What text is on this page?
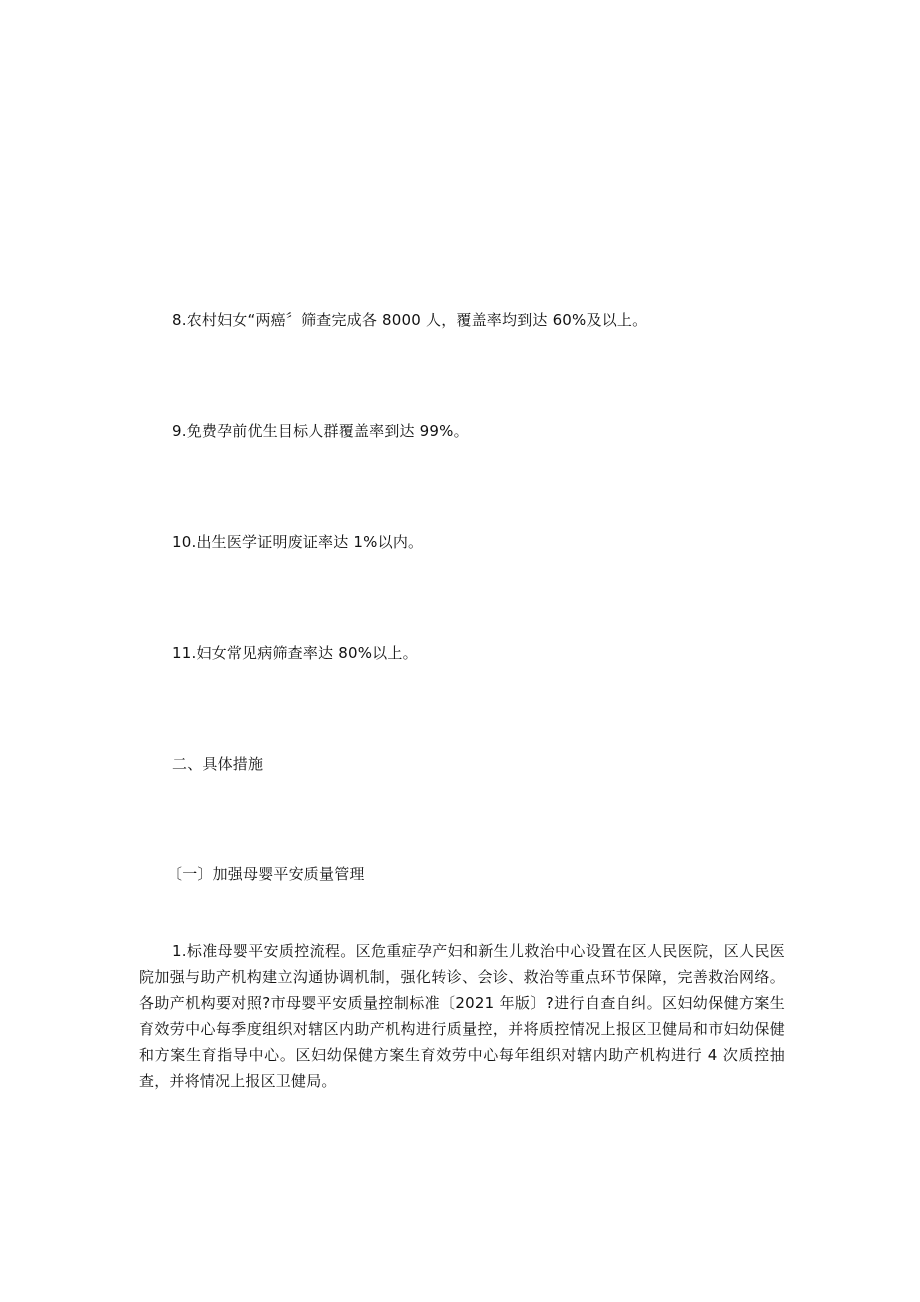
8.农村妇女“两癌〞筛查完成各 8000 人，覆盖率均到达 60%及以上。
9.免费孕前优生目标人群覆盖率到达 99%。
10.出生医学证明废证率达 1%以内。
11.妇女常见病筛查率达 80%以上。
二、具体措施
〔一〕加强母婴平安质量管理
1.标准母婴平安质控流程。区危重症孕产妇和新生儿救治中心设置在区人民医院，区人民医院加强与助产机构建立沟通协调机制，强化转诊、会诊、救治等重点环节保障，完善救治网络。各助产机构要对照?市母婴平安质量控制标准〔2021 年版〕?进行自查自纠。区妇幼保健方案生育效劳中心每季度组织对辖区内助产机构进行质量控，并将质控情况上报区卫健局和市妇幼保健和方案生育指导中心。区妇幼保健方案生育效劳中心每年组织对辖内助产机构进行 4 次质控抽查，并将情况上报区卫健局。
